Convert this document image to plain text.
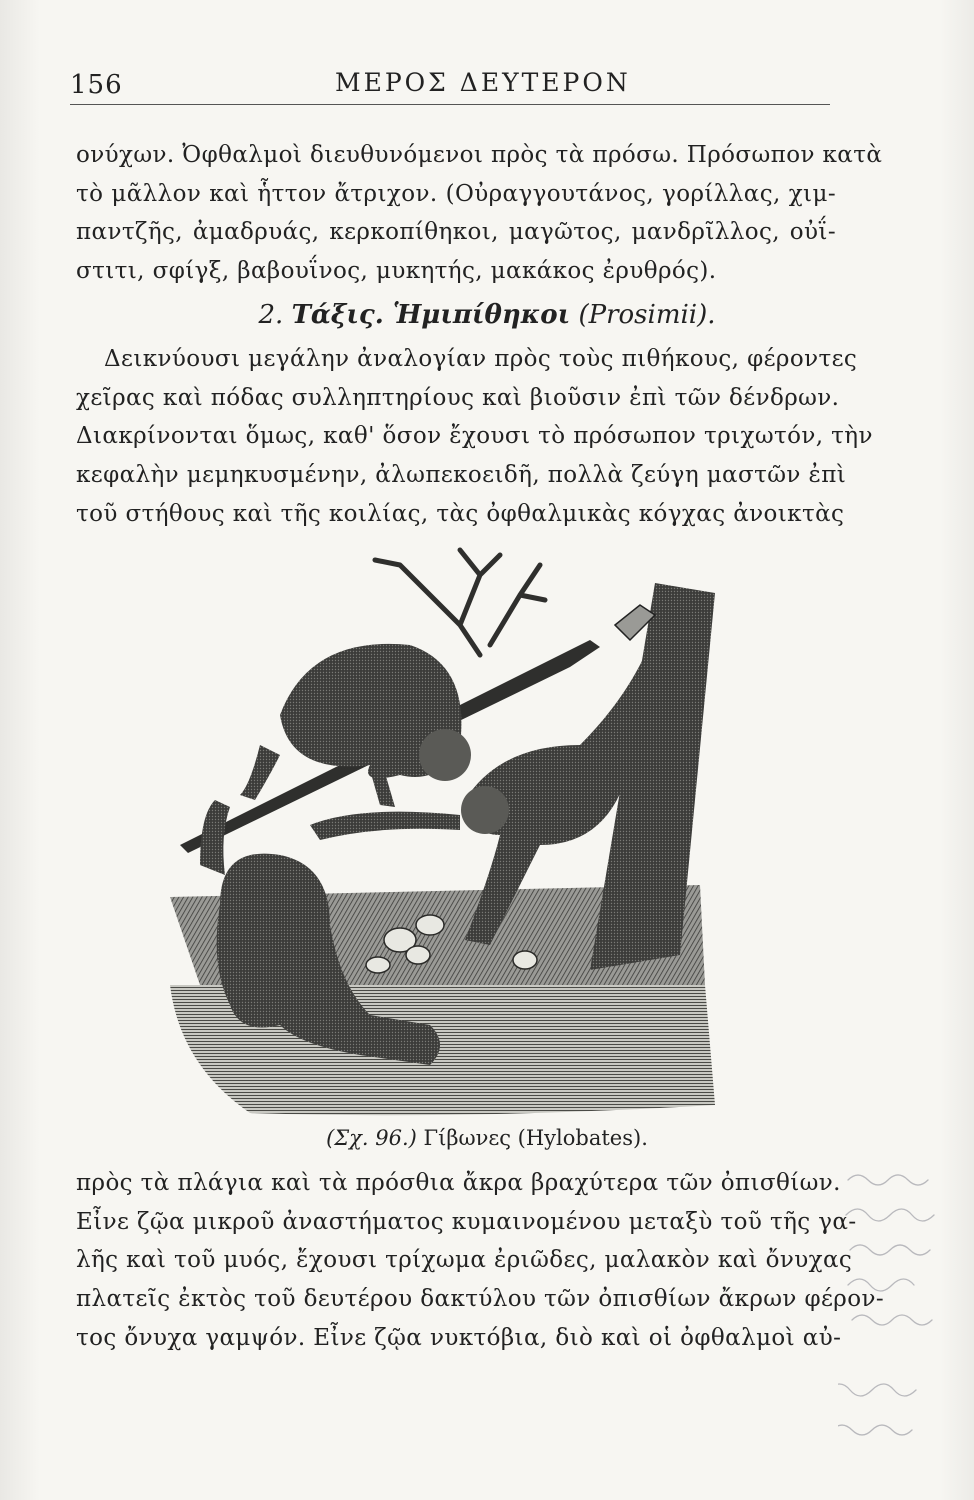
156	ΜΕΡΟΣ ΔΕΥΤΕΡΟΝ
ονύχων. Ὀφθαλμοὶ διευθυνόμενοι πρὸς τὰ πρόσω. Πρόσωπον κατὰ
τὸ μᾶλλον καὶ ἧττον ἄτριχον. (Οὐραγγουτάνος, γορίλλας, χιμ-
παντζῆς, ἀμαδρυάς, κερκοπίθηκοι, μαγῶτος, μανδρῖλλος, οὐΐ-
στιτι, σφίγξ, βαβουΐνος, μυκητής, μακάκος ἐρυθρός).
2. Τάξις. Ἡμιπίθηκοι (Prosimii).
Δεικνύουσι μεγάλην ἀναλογίαν πρὸς τοὺς πιθήκους, φέροντες
χεῖρας καὶ πόδας συλληπτηρίους καὶ βιοῦσιν ἐπὶ τῶν δένδρων.
Διακρίνονται ὅμως, καθ' ὅσον ἔχουσι τὸ πρόσωπον τριχωτόν, τὴν
κεφαλὴν μεμηκυσμένην, ἀλωπεκοειδῆ, πολλὰ ζεύγη μαστῶν ἐπὶ
τοῦ στήθους καὶ τῆς κοιλίας, τὰς ὀφθαλμικὰς κόγχας ἀνοικτὰς
(Σχ. 96.) Γίβωνες (Hylobates).
πρὸς τὰ πλάγια καὶ τὰ πρόσθια ἄκρα βραχύτερα τῶν ὀπισθίων.
Εἶνε ζῷα μικροῦ ἀναστήματος κυμαινομένου μεταξὺ τοῦ τῆς γα-
λῆς καὶ τοῦ μυός, ἔχουσι τρίχωμα ἐριῶδες, μαλακὸν καὶ ὄνυχας
πλατεῖς ἐκτὸς τοῦ δευτέρου δακτύλου τῶν ὀπισθίων ἄκρων φέρον-
τος ὄνυχα γαμψόν. Εἶνε ζῷα νυκτόβια, διὸ καὶ οἱ ὀφθαλμοὶ αὐ-
